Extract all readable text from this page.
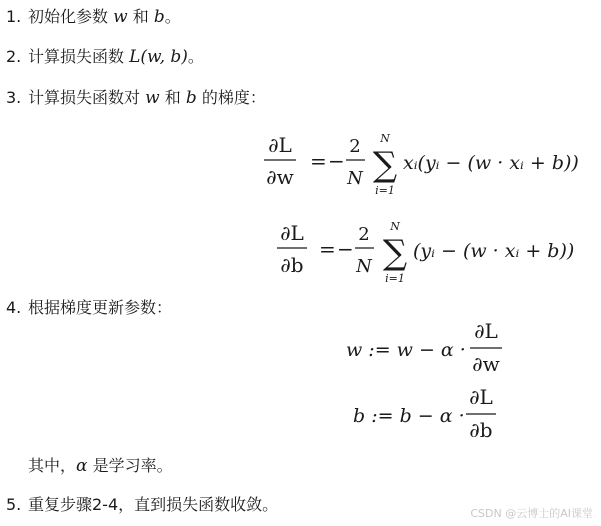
1. 初始化参数 w 和 b。
2. 计算损失函数 L(w, b)。
3. 计算损失函数对 w 和 b 的梯度：
∂L
∂w
= −
2
N
N
∑
i=1
xᵢ(yᵢ − (w · xᵢ + b))
∂L
∂b
= −
2
N
N
∑
i=1
(yᵢ − (w · xᵢ + b))
4. 根据梯度更新参数：
w := w − α ·
∂L
∂w
b := b − α ·
∂L
∂b
其中，α 是学习率。
5. 重复步骤2-4，直到损失函数收敛。	CSDN @云博士的AI课堂
